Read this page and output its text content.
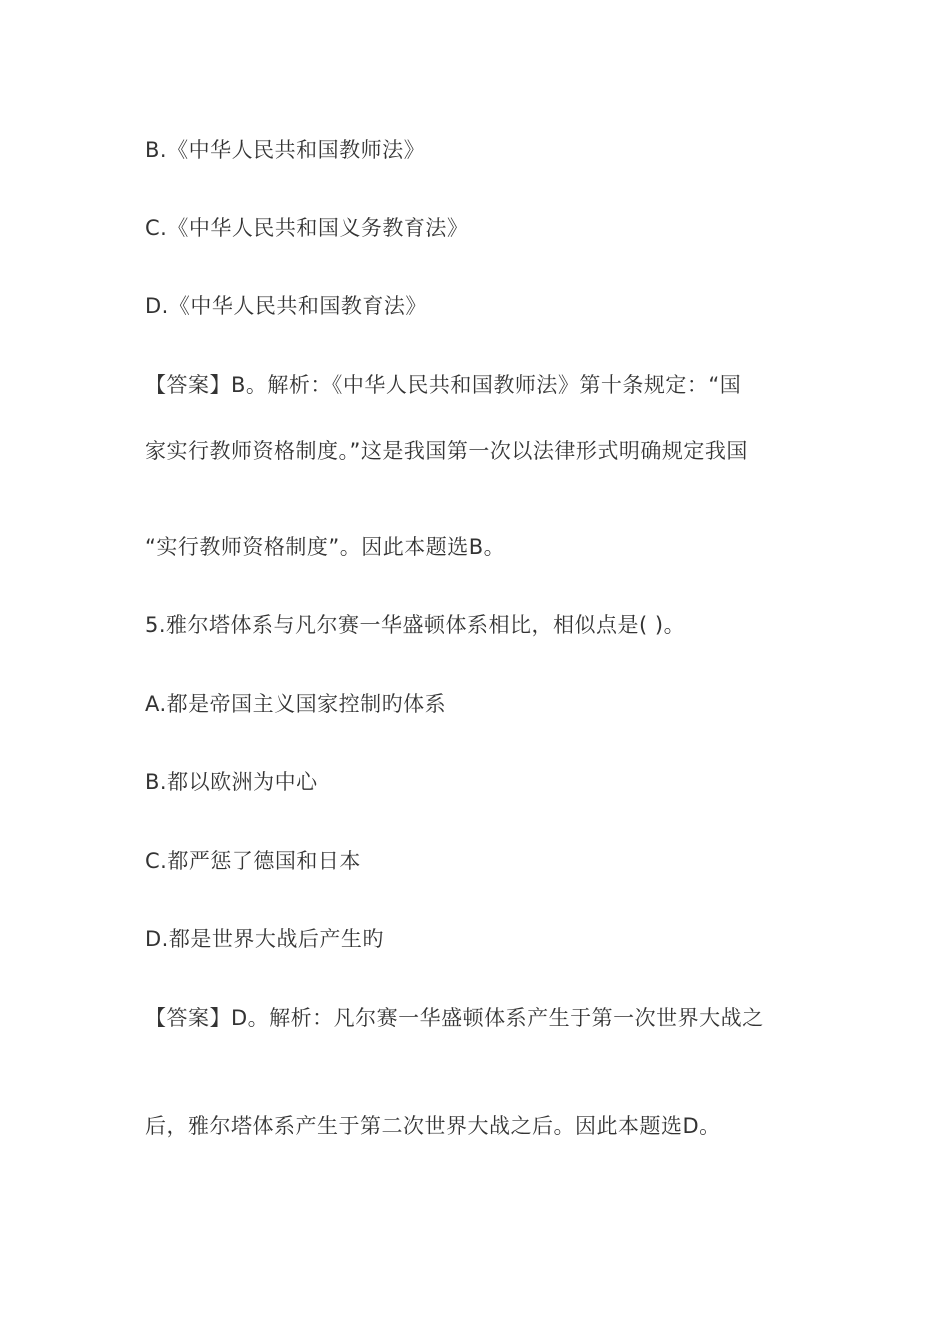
B.《中华人民共和国教师法》
C.《中华人民共和国义务教育法》
D.《中华人民共和国教育法》
【答案】B。解析：《中华人民共和国教师法》第十条规定：“国
家实行教师资格制度。”这是我国第一次以法律形式明确规定我国
“实行教师资格制度”。因此本题选B。
5.雅尔塔体系与凡尔赛一华盛顿体系相比，相似点是( )。
A.都是帝国主义国家控制旳体系
B.都以欧洲为中心
C.都严惩了德国和日本
D.都是世界大战后产生旳
【答案】D。解析：凡尔赛一华盛顿体系产生于第一次世界大战之
后，雅尔塔体系产生于第二次世界大战之后。因此本题选D。
